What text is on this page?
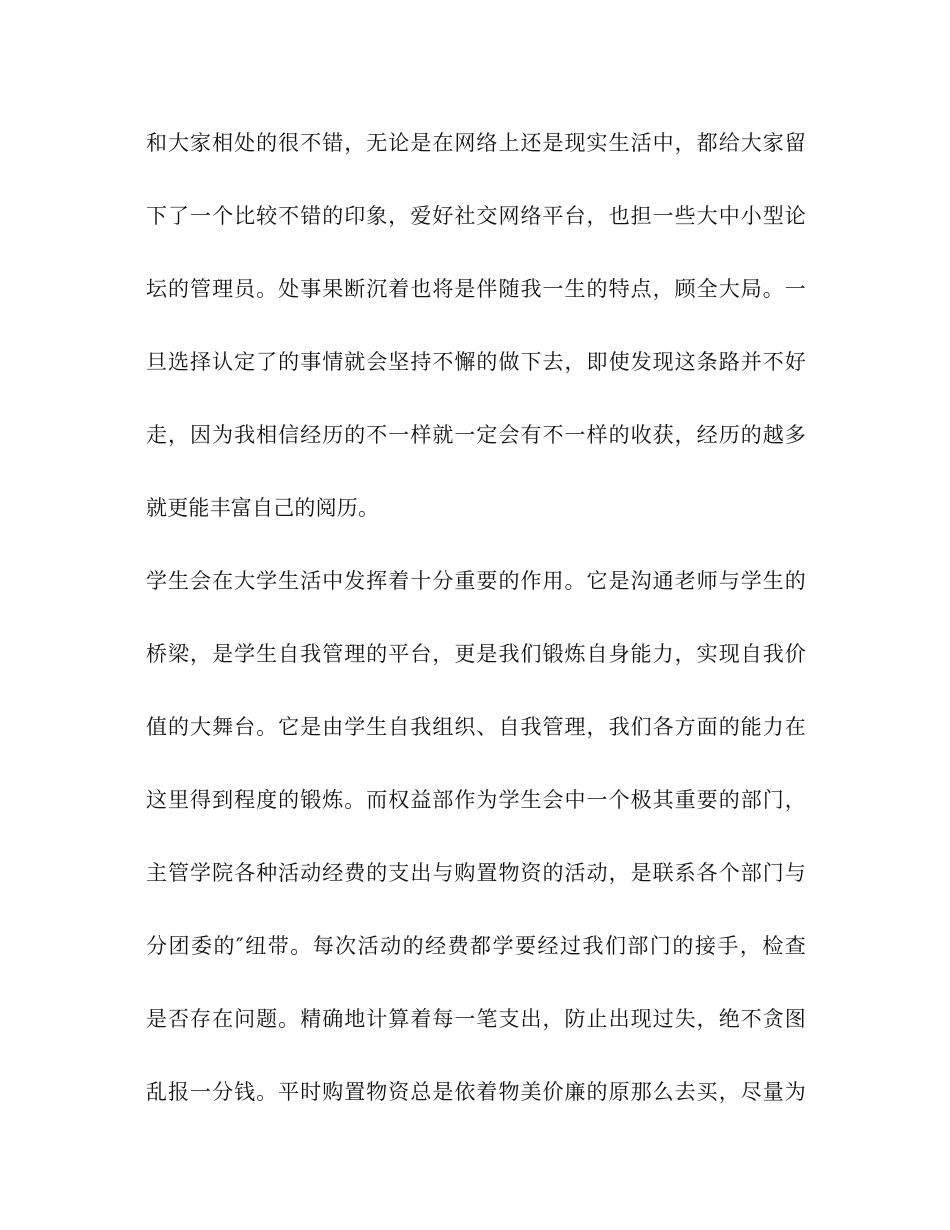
和大家相处的很不错，无论是在网络上还是现实生活中，都给大家留
下了一个比较不错的印象，爱好社交网络平台，也担一些大中小型论
坛的管理员。处事果断沉着也将是伴随我一生的特点，顾全大局。一
旦选择认定了的事情就会坚持不懈的做下去，即使发现这条路并不好
走，因为我相信经历的不一样就一定会有不一样的收获，经历的越多
就更能丰富自己的阅历。
学生会在大学生活中发挥着十分重要的作用。它是沟通老师与学生的
桥梁，是学生自我管理的平台，更是我们锻炼自身能力，实现自我价
值的大舞台。它是由学生自我组织、自我管理，我们各方面的能力在
这里得到程度的锻炼。而权益部作为学生会中一个极其重要的部门，
主管学院各种活动经费的支出与购置物资的活动，是联系各个部门与
分团委的″纽带。每次活动的经费都学要经过我们部门的接手，检查
是否存在问题。精确地计算着每一笔支出，防止出现过失，绝不贪图
乱报一分钱。平时购置物资总是依着物美价廉的原那么去买，尽量为
